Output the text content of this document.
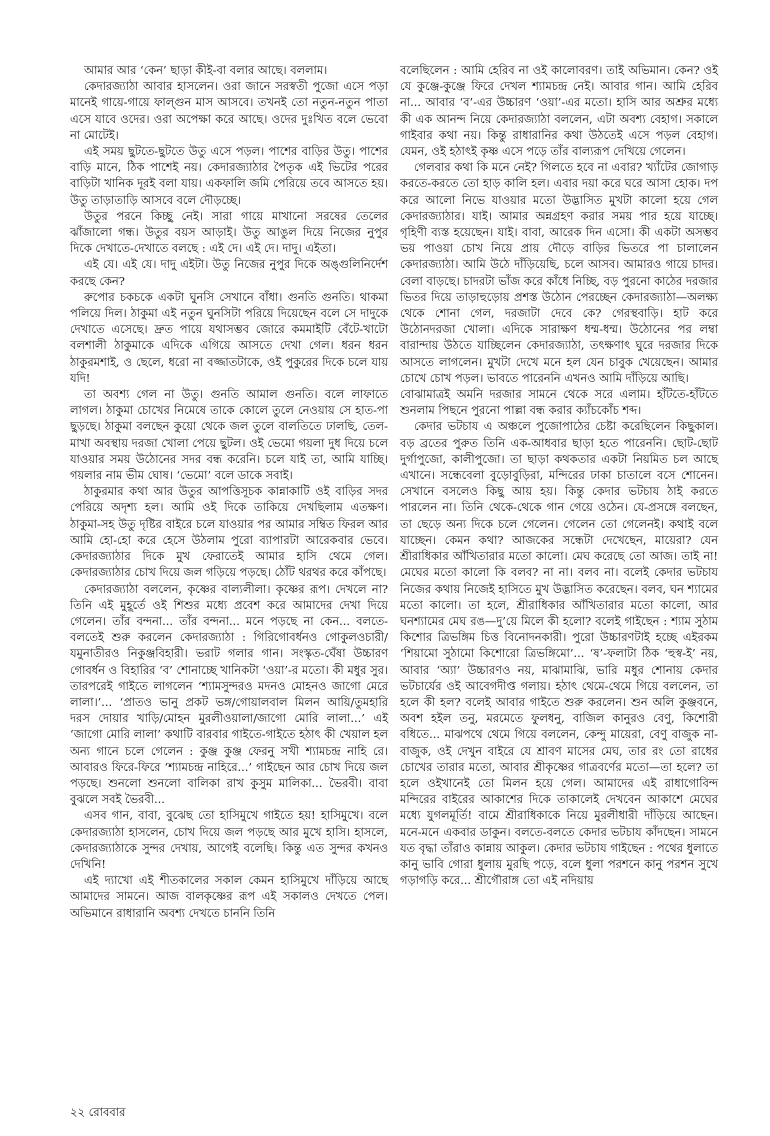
আমার আর ‘কেন’ ছাড়া কীই-বা বলার আছে। বললাম।

কেদারজ্যাঠা আবার হাসলেন। ওরা জানে সরস্বতী পুজো এসে পড়া মানেই গায়ে-গায়ে ফাল্গুন মাস আসবে। তখনই তো নতুন-নতুন পাতা এসে যাবে ওদের। ওরা অপেক্ষা করে আছে। ওদের দুঃখিত বলে ভেবো না মোটেই।

এই সময় ছুটতে-ছুটতে উতু এসে পড়ল। পাশের বাড়ির উতু। পাশের বাড়ি মানে, ঠিক পাশেই নয়। কেদারজ্যাঠার পৈতৃক এই ভিটের পরের বাড়িটা খানিক দূরই বলা যায়। একফালি জমি পেরিয়ে তবে আসতে হয়। উতু তাড়াতাড়ি আসবে বলে দৌড়চ্ছে।

উতুর পরনে কিচ্ছু নেই। সারা গায়ে মাখানো সরষের তেলের ঝাঁজালো গন্ধ। উতুর বয়স আড়াই। উতু আঙুল দিয়ে নিজের নুপুর দিকে দেখাতে-দেখাতে বলছে : এই দে। এই দে। দাদু। এইতা।

এই যে। এই যে। দাদু এইটা। উতু নিজের নুপুর দিকে অঙ্গুলিনির্দেশ করছে কেন?

রুপোর চকচকে একটা ঘুনসি সেখানে বাঁধা। গুনতি গুনতি। থাকমা পলিয়ে দিল। ঠাকুমা এই নতুন ঘুনসিটা পরিয়ে দিয়েছেন বলে সে দাদুকে দেখাতে এসেছে। দ্রুত পায়ে যথাসম্ভব জোরে কমমাইটি বেঁটে-খাটো বলশালী ঠাকুমাকে এদিকে এগিয়ে আসতে দেখা গেল। ধরন ধরন ঠাকুরমশাই, ও ছেলে, ধরো না বজ্জাতটাকে, ওই পুকুরের দিকে চলে যায় যদি!

তা অবশ্য গেল না উতু। গুনতি আমাল গুনতি। বলে লাফাতে লাগল। ঠাকুমা চোখের নিমেষে তাকে কোলে তুলে নেওয়ায় সে হাত-পা ছুড়ছে। ঠাকুমা বলছেন কুয়ো থেকে জল তুলে বালতিতে ঢালছি, তেল-মাখা অবস্থায় দরজা খোলা পেয়ে ছুটল। ওই ভেমো গয়লা দুধ দিয়ে চলে যাওয়ার সময় উঠোনের সদর বন্ধ করেনি। চলে যাই তা, আমি যাচ্ছি। গয়লার নাম ভীম ঘোষ। ‘ভেমো’ বলে ডাকে সবাই।

ঠাকুরমার কথা আর উতুর আপত্তিসূচক কান্নাকাটি ওই বাড়ির সদর পেরিয়ে অদৃশ্য হল। আমি ওই দিকে তাকিয়ে দেখছিলাম এতক্ষণ। ঠাকুমা-সহ উতু দৃষ্টির বাইরে চলে যাওয়ার পর আমার সম্বিত ফিরল আর আমি হো-হো করে হেসে উঠলাম পুরো ব্যাপারটা আরেকবার ভেবে। কেদারজ্যাঠার দিকে মুখ ফেরাতেই আমার হাসি থেমে গেল। কেদারজ্যাঠার চোখ দিয়ে জল গড়িয়ে পড়ছে। ঠোঁট থরথর করে কাঁপছে।

কেদারজ্যাঠা বললেন, কৃষ্ণের বাল্যলীলা। কৃষ্ণের রূপ। দেখলে না? তিনি এই মুহূর্তে ওই শিশুর মধ্যে প্রবেশ করে আমাদের দেখা দিয়ে গেলেন। তাঁর বন্দনা... তাঁর বন্দনা... মনে পড়ছে না কেন... বলতে-বলতেই শুরু করলেন কেদারজ্যাঠা : গিরিগোবর্ধনও গোকুলওচারী/যমুনাতীরও নিকুঞ্জবিহারী। ভরাট গলার গান। সংস্কৃত-ঘেঁষা উচ্চারণ গোবর্ধন ও বিহারির ‘ব’ শোনাচ্ছে খানিকটা ‘ওয়া’-র মতো। কী মধুর সুর। তারপরেই গাইতে লাগলেন ‘শ্যামসুন্দরও মদনও মোহনও জাগো মেরে লালা।’... ‘প্রাতও ভানু প্রকট ভঙ্গ/গোয়ালবাল মিলন আয়ি/তুমহারি দরস দোয়ার খাড়ি/মোহন মুরলীওয়ালা/জাগো মোরি লালা...’ এই ‘জাগো মোরি লালা’ কথাটি বারবার গাইতে-গাইতে হঠাৎ কী খেয়াল হল অন্য গানে চলে গেলেন : কুঞ্জ কুঞ্জ ফেরনু সখী শ্যামচন্দ্র নাহি রে। আবারও ফিরে-ফিরে ‘শ্যামচন্দ্র নাহিরে...’ গাইছেন আর চোখ দিয়ে জল পড়ছে। শুনলো শুনলো বালিকা রাখ কুসুম মালিকা... ভৈরবী। বাবা বুঝলে সবই ভৈরবী...

এসব গান, বাবা, বুঝেছ তো হাসিমুখে গাইতে হয়! হাসিমুখে। বলে কেদারজ্যাঠা হাসলেন, চোখ দিয়ে জল পড়ছে আর মুখে হাসি। হাসলে, কেদারজ্যাঠাকে সুন্দর দেখায়, আগেই বলেছি। কিন্তু এত সুন্দর কখনও দেখিনি!

এই দ্যাখো এই শীতকালের সকাল কেমন হাসিমুখে দাঁড়িয়ে আছে আমাদের সামনে। আজ বালকৃষ্ণের রূপ এই সকালও দেখতে পেল। অভিমানে রাধারানি অবশ্য দেখতে চাননি তিনি

বলেছিলেন : আমি হেরিব না ওই কালোবরণ। তাই অভিমান। কেন? ওই যে কুঞ্জে-কুঞ্জে ফিরে দেখল শ্যামচন্দ্র নেই। আবার গান। আমি হেরিব না... আবার ‘ব’-এর উচ্চারণ ‘ওয়া’-এর মতো। হাসি আর অশ্রুর মধ্যে কী এক আনন্দ নিয়ে কেদারজ্যাঠা বললেন, এটা অবশ্য বেহাগ। সকালে গাইবার কথা নয়। কিন্তু রাধারানির কথা উঠতেই এসে পড়ল বেহাগ। যেমন, ওই হঠাৎই কৃষ্ণ এসে পড়ে তাঁর বাল্যরূপ দেখিয়ে গেলেন।

গেলবার কথা কি মনে নেই? গিলতে হবে না এবার? খ্যাঁটের জোগাড় করতে-করতে তো হাড় কালি হল। এবার দয়া করে ঘরে আসা হোক। দপ করে আলো নিভে যাওয়ার মতো উদ্ভাসিত মুখটা কালো হয়ে গেল কেদারজ্যাঠার। যাই। আমার অন্নগ্রহণ করার সময় পার হয়ে যাচ্ছে। গৃহিণী ব্যস্ত হয়েছেন। যাই। বাবা, আরেক দিন এসো। কী একটা অসম্ভব ভয় পাওয়া চোখ নিয়ে প্রায় দৌড়ে বাড়ির ভিতরে পা চালালেন কেদারজ্যাঠা। আমি উঠে দাঁড়িয়েছি, চলে আসব। আমারও গায়ে চাদর। বেলা বাড়ছে। চাদরটা ভাঁজ করে কাঁধে নিচ্ছি, বড় পুরনো কাঠের দরজার ভিতর দিয়ে তাড়াহুড়োয় প্রশস্ত উঠোন পেরচ্ছেন কেদারজ্যাঠা—অলক্ষ্য থেকে শোনা গেল, দরজাটা দেবে কে? গেরস্থবাড়ি। হাট করে উঠোনদরজা খোলা। এদিকে সারাক্ষণ ধম্ম-ধম্ম। উঠোনের পর লম্বা বারান্দায় উঠতে যাচ্ছিলেন কেদারজ্যাঠা, তৎক্ষণাৎ ঘুরে দরজার দিকে আসতে লাগলেন। মুখটা দেখে মনে হল যেন চাবুক খেয়েছেন। আমার চোখে চোখ পড়ল। ভাবতে পারেননি এখনও আমি দাঁড়িয়ে আছি।

বোঝামাত্রই অমনি দরজার সামনে থেকে সরে এলাম। হাঁটতে-হাঁটতে শুনলাম পিছনে পুরনো পাল্লা বন্ধ করার ক্যাঁচকোঁচ শব্দ।

কেদার ভটচায এ অঞ্চলে পুজোপাঠের চেষ্টা করেছিলেন কিছুকাল। বড় ব্রতের পুরুত তিনি এক-আধবার ছাড়া হতে পারেননি। ছোট-ছোট দুর্গাপুজো, কালীপুজো। তা ছাড়া কথকতার একটা নিয়মিত চল আছে এখানে। সন্ধেবেলা বুড়োবুড়িরা, মন্দিরের ঢাকা চাতালে বসে শোনেন। সেখানে বসলেও কিছু আয় হয়। কিন্তু কেদার ভটচায ঠাই করতে পারলেন না। তিনি থেকে-থেকে গান গেয়ে ওঠেন। যে-প্রসঙ্গে বলছেন, তা ছেড়ে অন্য দিকে চলে গেলেন। গেলেন তো গেলেনই। কথাই বলে যাচ্ছেন। কেমন কথা? আজকের সন্ধেটা দেখেছেন, মায়েরা? যেন শ্রীরাধিকার আঁখিতারার মতো কালো। মেঘ করেছে তো আজ। তাই না! মেঘের মতো কালো কি বলব? না না। বলব না। বলেই কেদার ভটচায নিজের কথায় নিজেই হাসিতে মুখ উদ্ভাসিত করেছেন। বলব, ঘন শ্যামের মতো কালো। তা হলে, শ্রীরাধিকার আঁখিতারার মতো কালো, আর ঘনশ্যামের মেঘ রঙ—দু’য়ে মিলে কী হলো? বলেই গাইছেন : শ্যাম সুঠাম কিশোর ত্রিভঙ্গিম চিত্ত বিনোদনকারী। পুরো উচ্চারণটাই হচ্ছে এইরকম ‘শিয়ামো সুঠামো কিশোরো ত্রিভঙ্গিমো’... ‘ষ’-ফলাটা ঠিক ‘হুস্ব-ই’ নয়, আবার ‘অ্যা’ উচ্চারণও নয়, মাঝামাঝি, ভারি মধুর শোনায় কেদার ভটচার্যের ওই আবেগদীপ্ত গলায়। হঠাৎ থেমে-থেমে গিয়ে বললেন, তা হলে কী হল? বলেই আবার গাইতে শুরু করলেন। শুন অলি কুঞ্জবনে, অবশ হইল তনু, মরমেতে ফুলধনু, বাজিল কানুরও বেণু, কিশোরী বধিতে... মাঝপথে থেমে গিয়ে বললেন, কেন্দু মায়েরা, বেণু বাজুক না-বাজুক, ওই দেখুন বাইরে যে শ্রাবণ মাসের মেঘ, তার রং তো রাধের চোখের তারার মতো, আবার শ্রীকৃষ্ণের গাত্রবর্ণের মতো—তা হলে? তা হলে ওইখানেই তো মিলন হয়ে গেল। আমাদের এই রাধাগোবিন্দ মন্দিরের বাইরের আকাশের দিকে তাকালেই দেখবেন আকাশে মেঘের মধ্যে যুগলমূর্তি! বামে শ্রীরাধিকাকে নিয়ে মুরলীধারী দাঁড়িয়ে আছেন। মনে-মনে একবার ডাকুন। বলতে-বলতে কেদার ভটচায কাঁদছেন। সামনে যত বৃদ্ধা তাঁরাও কান্নায় আকুল। কেদার ভটচায গাইছেন : পথের ধুলাতে কানু ভাবি গোরা ধুলায় মুরছি পড়ে, বলে ধুলা পরশনে কানু পরশন সুখে গড়াগড়ি করে... শ্রীগৌরাঙ্গ তো এই নদিয়ায়

২২ রোববার
